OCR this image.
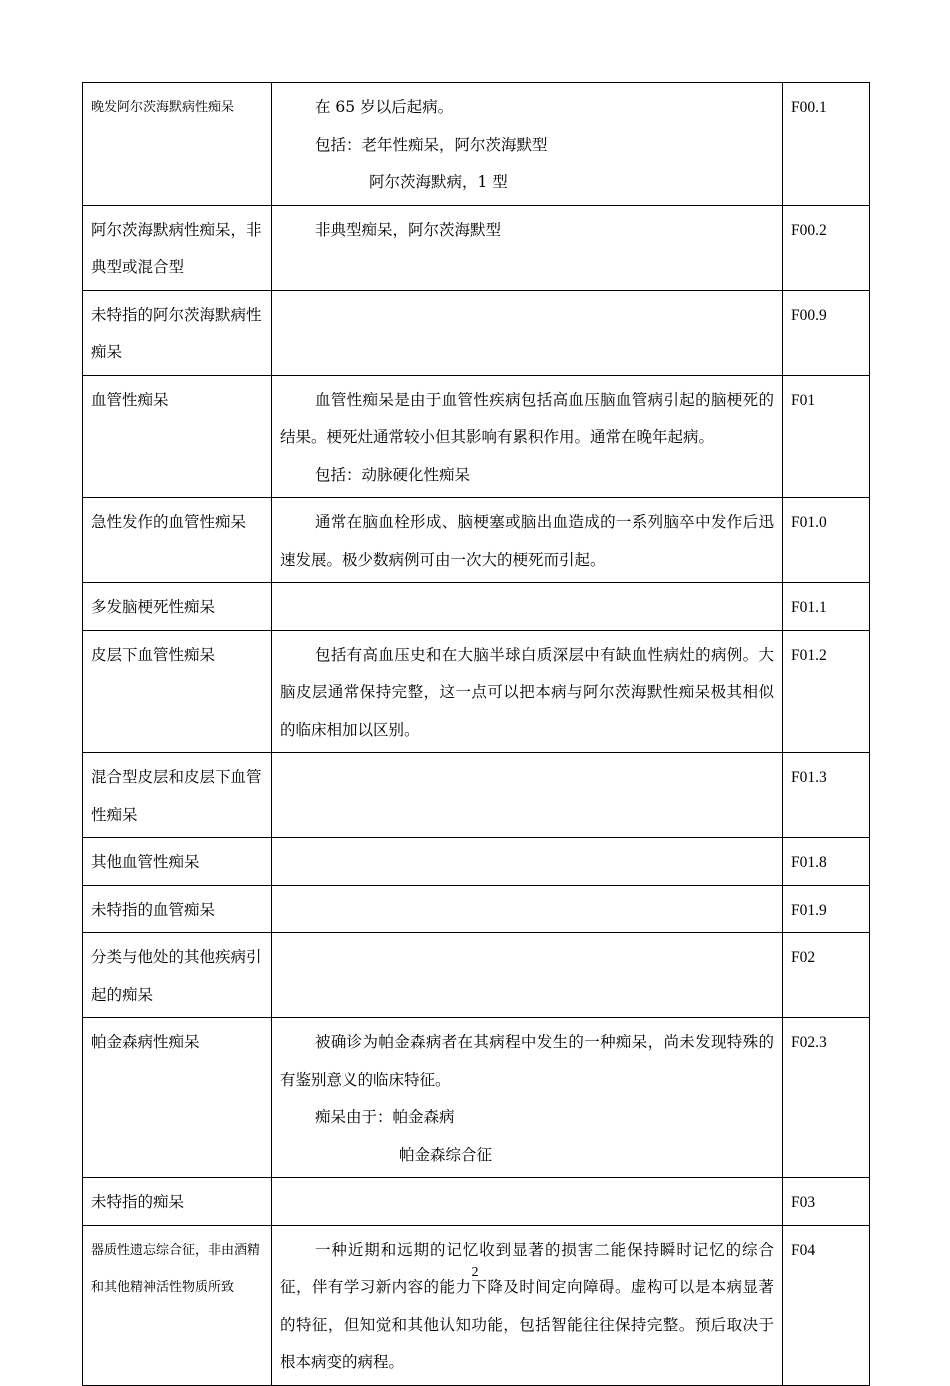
晚发阿尔茨海默病性痴呆	在 65 岁以后起病。
包括：老年性痴呆，阿尔茨海默型
阿尔茨海默病，1 型	F00.1
阿尔茨海默病性痴呆，非典型或混合型	非典型痴呆，阿尔茨海默型	F00.2
未特指的阿尔茨海默病性痴呆		F00.9
血管性痴呆	血管性痴呆是由于血管性疾病包括高血压脑血管病引起的脑梗死的结果。梗死灶通常较小但其影响有累积作用。通常在晚年起病。
包括：动脉硬化性痴呆	F01
急性发作的血管性痴呆	通常在脑血栓形成、脑梗塞或脑出血造成的一系列脑卒中发作后迅速发展。极少数病例可由一次大的梗死而引起。	F01.0
多发脑梗死性痴呆		F01.1
皮层下血管性痴呆	包括有高血压史和在大脑半球白质深层中有缺血性病灶的病例。大脑皮层通常保持完整，这一点可以把本病与阿尔茨海默性痴呆极其相似的临床相加以区别。	F01.2
混合型皮层和皮层下血管性痴呆		F01.3
其他血管性痴呆		F01.8
未特指的血管痴呆		F01.9
分类与他处的其他疾病引起的痴呆		F02
帕金森病性痴呆	被确诊为帕金森病者在其病程中发生的一种痴呆，尚未发现特殊的有鉴别意义的临床特征。
痴呆由于：帕金森病
帕金森综合征	F02.3
未特指的痴呆		F03
器质性遗忘综合征，非由酒精和其他精神活性物质所致	一种近期和远期的记忆收到显著的损害二能保持瞬时记忆的综合征，伴有学习新内容的能力下降及时间定向障碍。虚构可以是本病显著的特征，但知觉和其他认知功能，包括智能往往保持完整。预后取决于根本病变的病程。	F04
2
